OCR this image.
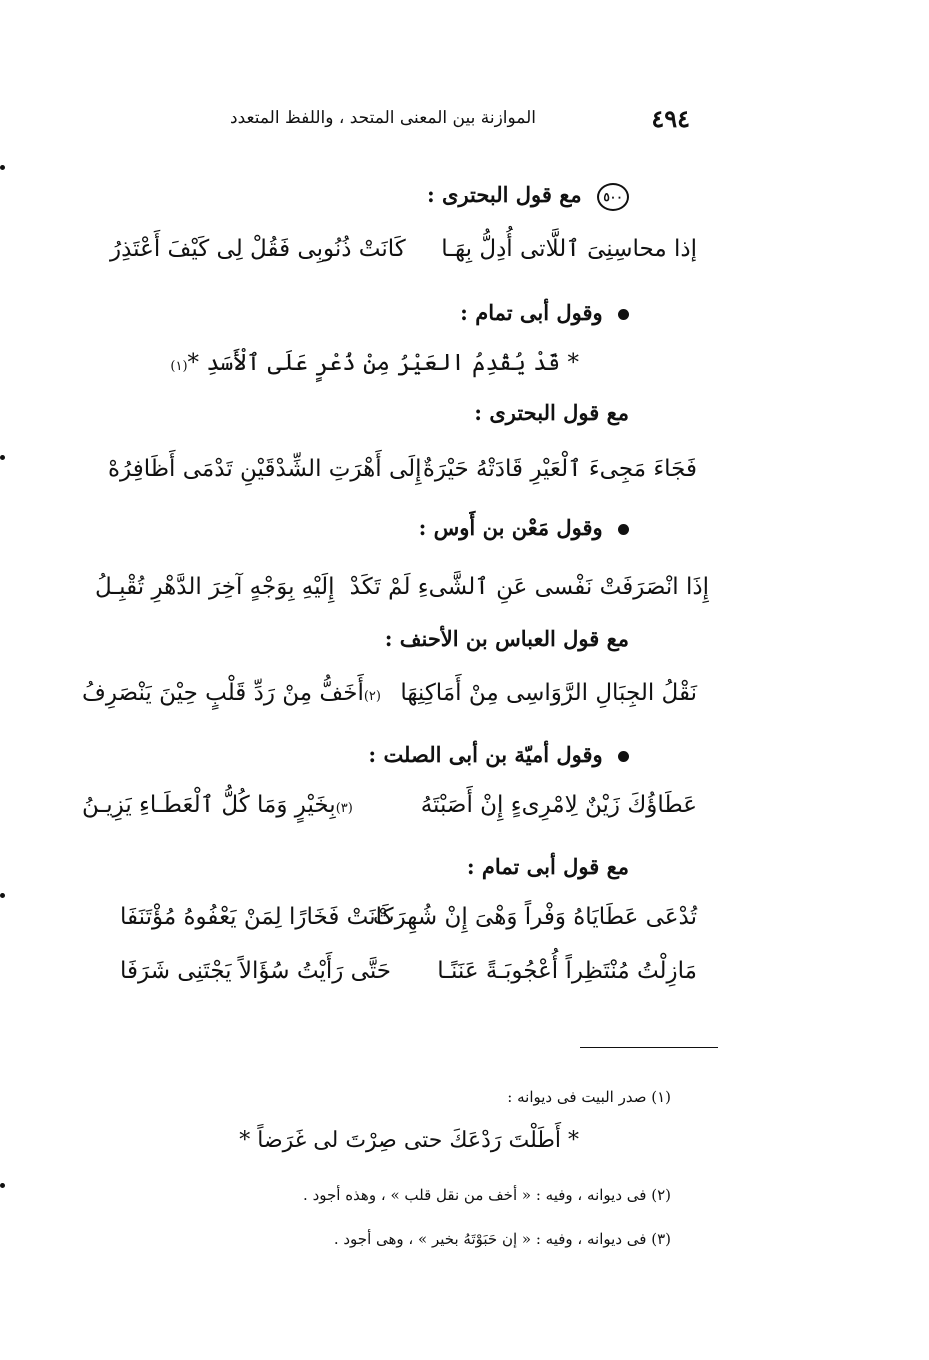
٤٩٤
الموازنة بين المعنى المتحد ، واللفظ المتعدد
٥٠٠ مع قول البحترى :
إذا محاسِنِىَ ٱللَّاتى أُدِلُّ بِهَـا
كَانَتْ ذُنُوبِى فَقُلْ لِى كَيْفَ أَعْتَذِرُ
وقول أبى تمام :
* قَدْ يُقْدِمُ العَيْرُ مِنْ ذُعْرٍ عَلَى ٱلْأَسَدِ *
(١)
مع قول البحترى :
فَجَاءَ مَجِىءَ ٱلْعَيْرِ قَادَتْهُ حَيْرَةٌ
إِلَى أَهْرَتِ الشِّدْقَيْنِ تَدْمَى أَظَافِرُهْ
وقول مَعْن بن أَوس :
إِذَا انْصَرَفَتْ نَفْسى عَنِ ٱلشَّىءِ لَمْ تَكَدْ
إِلَيْهِ بِوَجْهٍ آخِرَ الدَّهْرِ تُقْبِـلُ
مع قول العباس بن الأحنف :
نَقْلُ الجِبَالِ الرَّوَاسِى مِنْ أَمَاكِنِهَا
(٢)
أَخَفُّ مِنْ رَدِّ قَلْبٍ حِيْنَ يَنْصَرِفُ
وقول أميّة بن أبى الصلت :
عَطَاؤُكَ زَيْنٌ لِامْرِىءٍ إِنْ أَصَبْتَهُ
(٣)
بِخَيْرٍ وَمَا كُلُّ ٱلْعَطَـاءِ يَزِيـنُ
مع قول أبى تمام :
تُدْعَى عَطَايَاهُ وَفْراً وَهْىَ إِنْ شُهِرَتْ
كَانَتْ فَخَارًا لِمَنْ يَعْفُوهُ مُؤْتَنَفَا
مَازِلْتُ مُنْتَظِراً أُعْجُوبَـةً عَنَنًـا
حَتَّى رَأَيْتُ سُؤَالاً يَجْتَنِى شَرَفَا
(١) صدر البيت فى ديوانه :
* أَطَلْتَ رَدْعَكَ حتى صِرْتَ لى غَرَضاً *
(٢) فى ديوانه ، وفيه : « أخف من نقل قلب » ، وهذه أجود .
(٣) فى ديوانه ، وفيه : « إن حَبَوْتَهُ بخير » ، وهى أجود .
